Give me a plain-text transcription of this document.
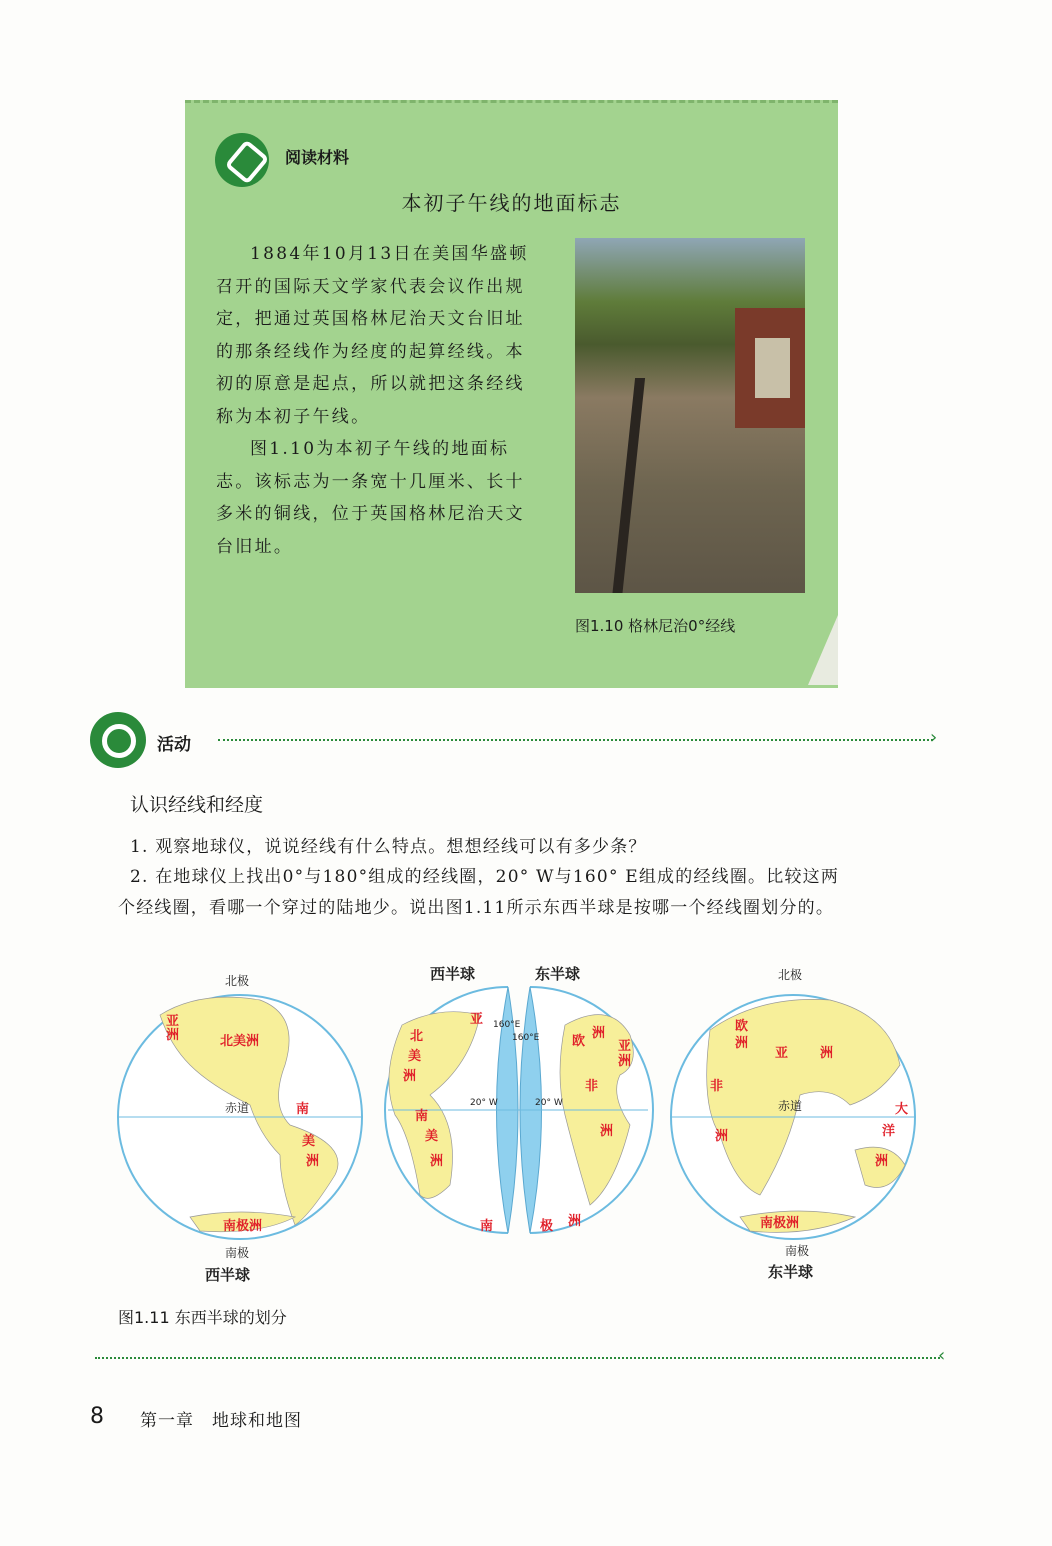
阅读材料
本初子午线的地面标志

1884年10月13日在美国华盛顿召开的国际天文学家代表会议作出规定，把通过英国格林尼治天文台旧址的那条经线作为经度的起算经线。本初的原意是起点，所以就把这条经线称为本初子午线。

图1.10为本初子午线的地面标志。该标志为一条宽十几厘米、长十多米的铜线，位于英国格林尼治天文台旧址。

图1.10 格林尼治0°经线
活动	›
认识经线和经度
1. 观察地球仪，说说经线有什么特点。想想经线可以有多少条？
2. 在地球仪上找出0°与180°组成的经线圈，20° W与160° E组成的经线圈。比较这两
个经线圈，看哪一个穿过的陆地少。说出图1.11所示东西半球是按哪一个经线圈划分的。
亚
洲	北美洲
南
美
洲
南极洲
北极
赤道
南极
西半球
北
美
洲
南
美
洲
南
亚
欧
洲
亚
洲
非
洲
极 洲
160°E
160°E
20° W	20° W
西半球	东半球
欧
洲
亚 洲
非
洲
大
洋
洲
南极洲
北极
赤道
南极
东半球
图1.11 东西半球的划分
‹
8 第一章　地球和地图
